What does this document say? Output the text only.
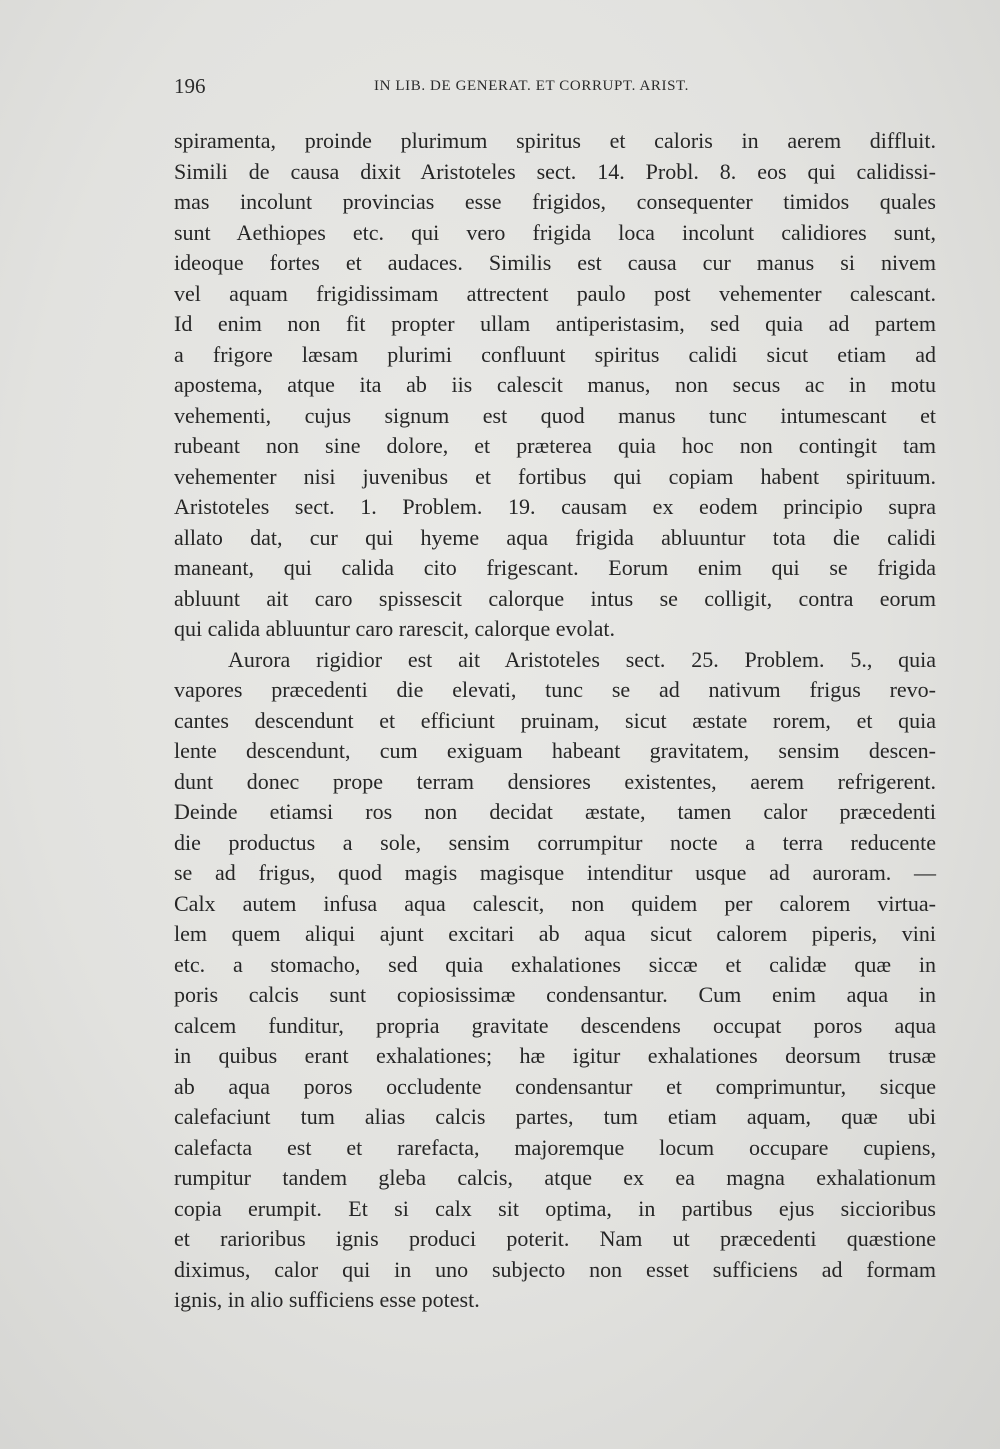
196	IN LIB. DE GENERAT. ET CORRUPT. ARIST.
spiramenta, proinde plurimum spiritus et caloris in aerem diffluit.
Simili de causa dixit Aristoteles sect. 14. Probl. 8. eos qui calidissi-
mas incolunt provincias esse frigidos, consequenter timidos quales
sunt Aethiopes etc. qui vero frigida loca incolunt calidiores sunt,
ideoque fortes et audaces. Similis est causa cur manus si nivem
vel aquam frigidissimam attrectent paulo post vehementer calescant.
Id enim non fit propter ullam antiperistasim, sed quia ad partem
a frigore læsam plurimi confluunt spiritus calidi sicut etiam ad
apostema, atque ita ab iis calescit manus, non secus ac in motu
vehementi, cujus signum est quod manus tunc intumescant et
rubeant non sine dolore, et præterea quia hoc non contingit tam
vehementer nisi juvenibus et fortibus qui copiam habent spirituum.
Aristoteles sect. 1. Problem. 19. causam ex eodem principio supra
allato dat, cur qui hyeme aqua frigida abluuntur tota die calidi
maneant, qui calida cito frigescant. Eorum enim qui se frigida
abluunt ait caro spissescit calorque intus se colligit, contra eorum
qui calida abluuntur caro rarescit, calorque evolat.
Aurora rigidior est ait Aristoteles sect. 25. Problem. 5., quia
vapores præcedenti die elevati, tunc se ad nativum frigus revo-
cantes descendunt et efficiunt pruinam, sicut æstate rorem, et quia
lente descendunt, cum exiguam habeant gravitatem, sensim descen-
dunt donec prope terram densiores existentes, aerem refrigerent.
Deinde etiamsi ros non decidat æstate, tamen calor præcedenti
die productus a sole, sensim corrumpitur nocte a terra reducente
se ad frigus, quod magis magisque intenditur usque ad auroram. —
Calx autem infusa aqua calescit, non quidem per calorem virtua-
lem quem aliqui ajunt excitari ab aqua sicut calorem piperis, vini
etc. a stomacho, sed quia exhalationes siccæ et calidæ quæ in
poris calcis sunt copiosissimæ condensantur. Cum enim aqua in
calcem funditur, propria gravitate descendens occupat poros aqua
in quibus erant exhalationes; hæ igitur exhalationes deorsum trusæ
ab aqua poros occludente condensantur et comprimuntur, sicque
calefaciunt tum alias calcis partes, tum etiam aquam, quæ ubi
calefacta est et rarefacta, majoremque locum occupare cupiens,
rumpitur tandem gleba calcis, atque ex ea magna exhalationum
copia erumpit. Et si calx sit optima, in partibus ejus siccioribus
et rarioribus ignis produci poterit. Nam ut præcedenti quæstione
diximus, calor qui in uno subjecto non esset sufficiens ad formam
ignis, in alio sufficiens esse potest.
